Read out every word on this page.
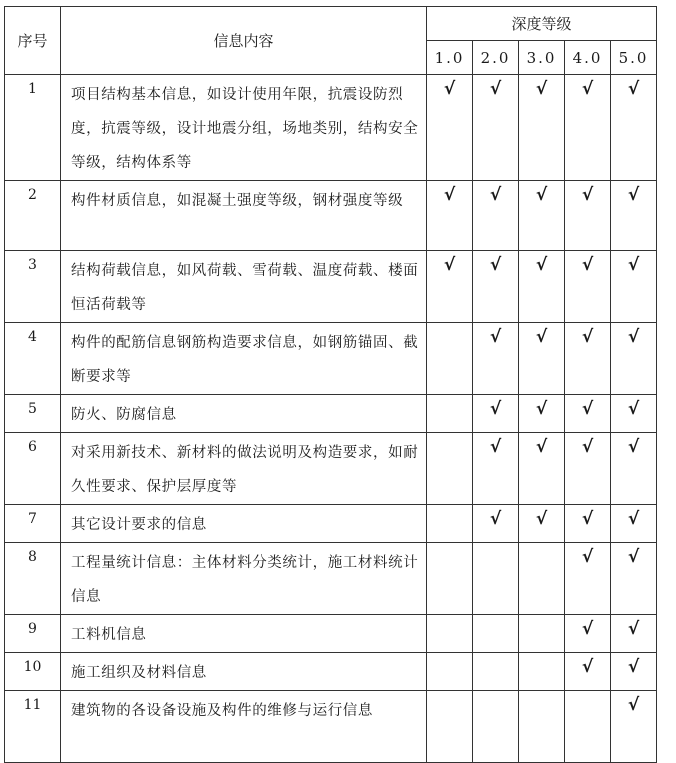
序号	信息内容	深度等级				
		1.0	2.0	3.0	4.0	5.0
1	项目结构基本信息，如设计使用年限，抗震设防烈度，抗震等级，设计地震分组，场地类别，结构安全等级，结构体系等	√	√	√	√	√
2	构件材质信息，如混凝土强度等级，钢材强度等级	√	√	√	√	√
3	结构荷载信息，如风荷载、雪荷载、温度荷载、楼面恒活荷载等	√	√	√	√	√
4	构件的配筋信息钢筋构造要求信息，如钢筋锚固、截断要求等		√	√	√	√
5	防火、防腐信息		√	√	√	√
6	对采用新技术、新材料的做法说明及构造要求，如耐久性要求、保护层厚度等		√	√	√	√
7	其它设计要求的信息		√	√	√	√
8	工程量统计信息：主体材料分类统计，施工材料统计信息				√	√
9	工料机信息				√	√
10	施工组织及材料信息				√	√
11	建筑物的各设备设施及构件的维修与运行信息					√
